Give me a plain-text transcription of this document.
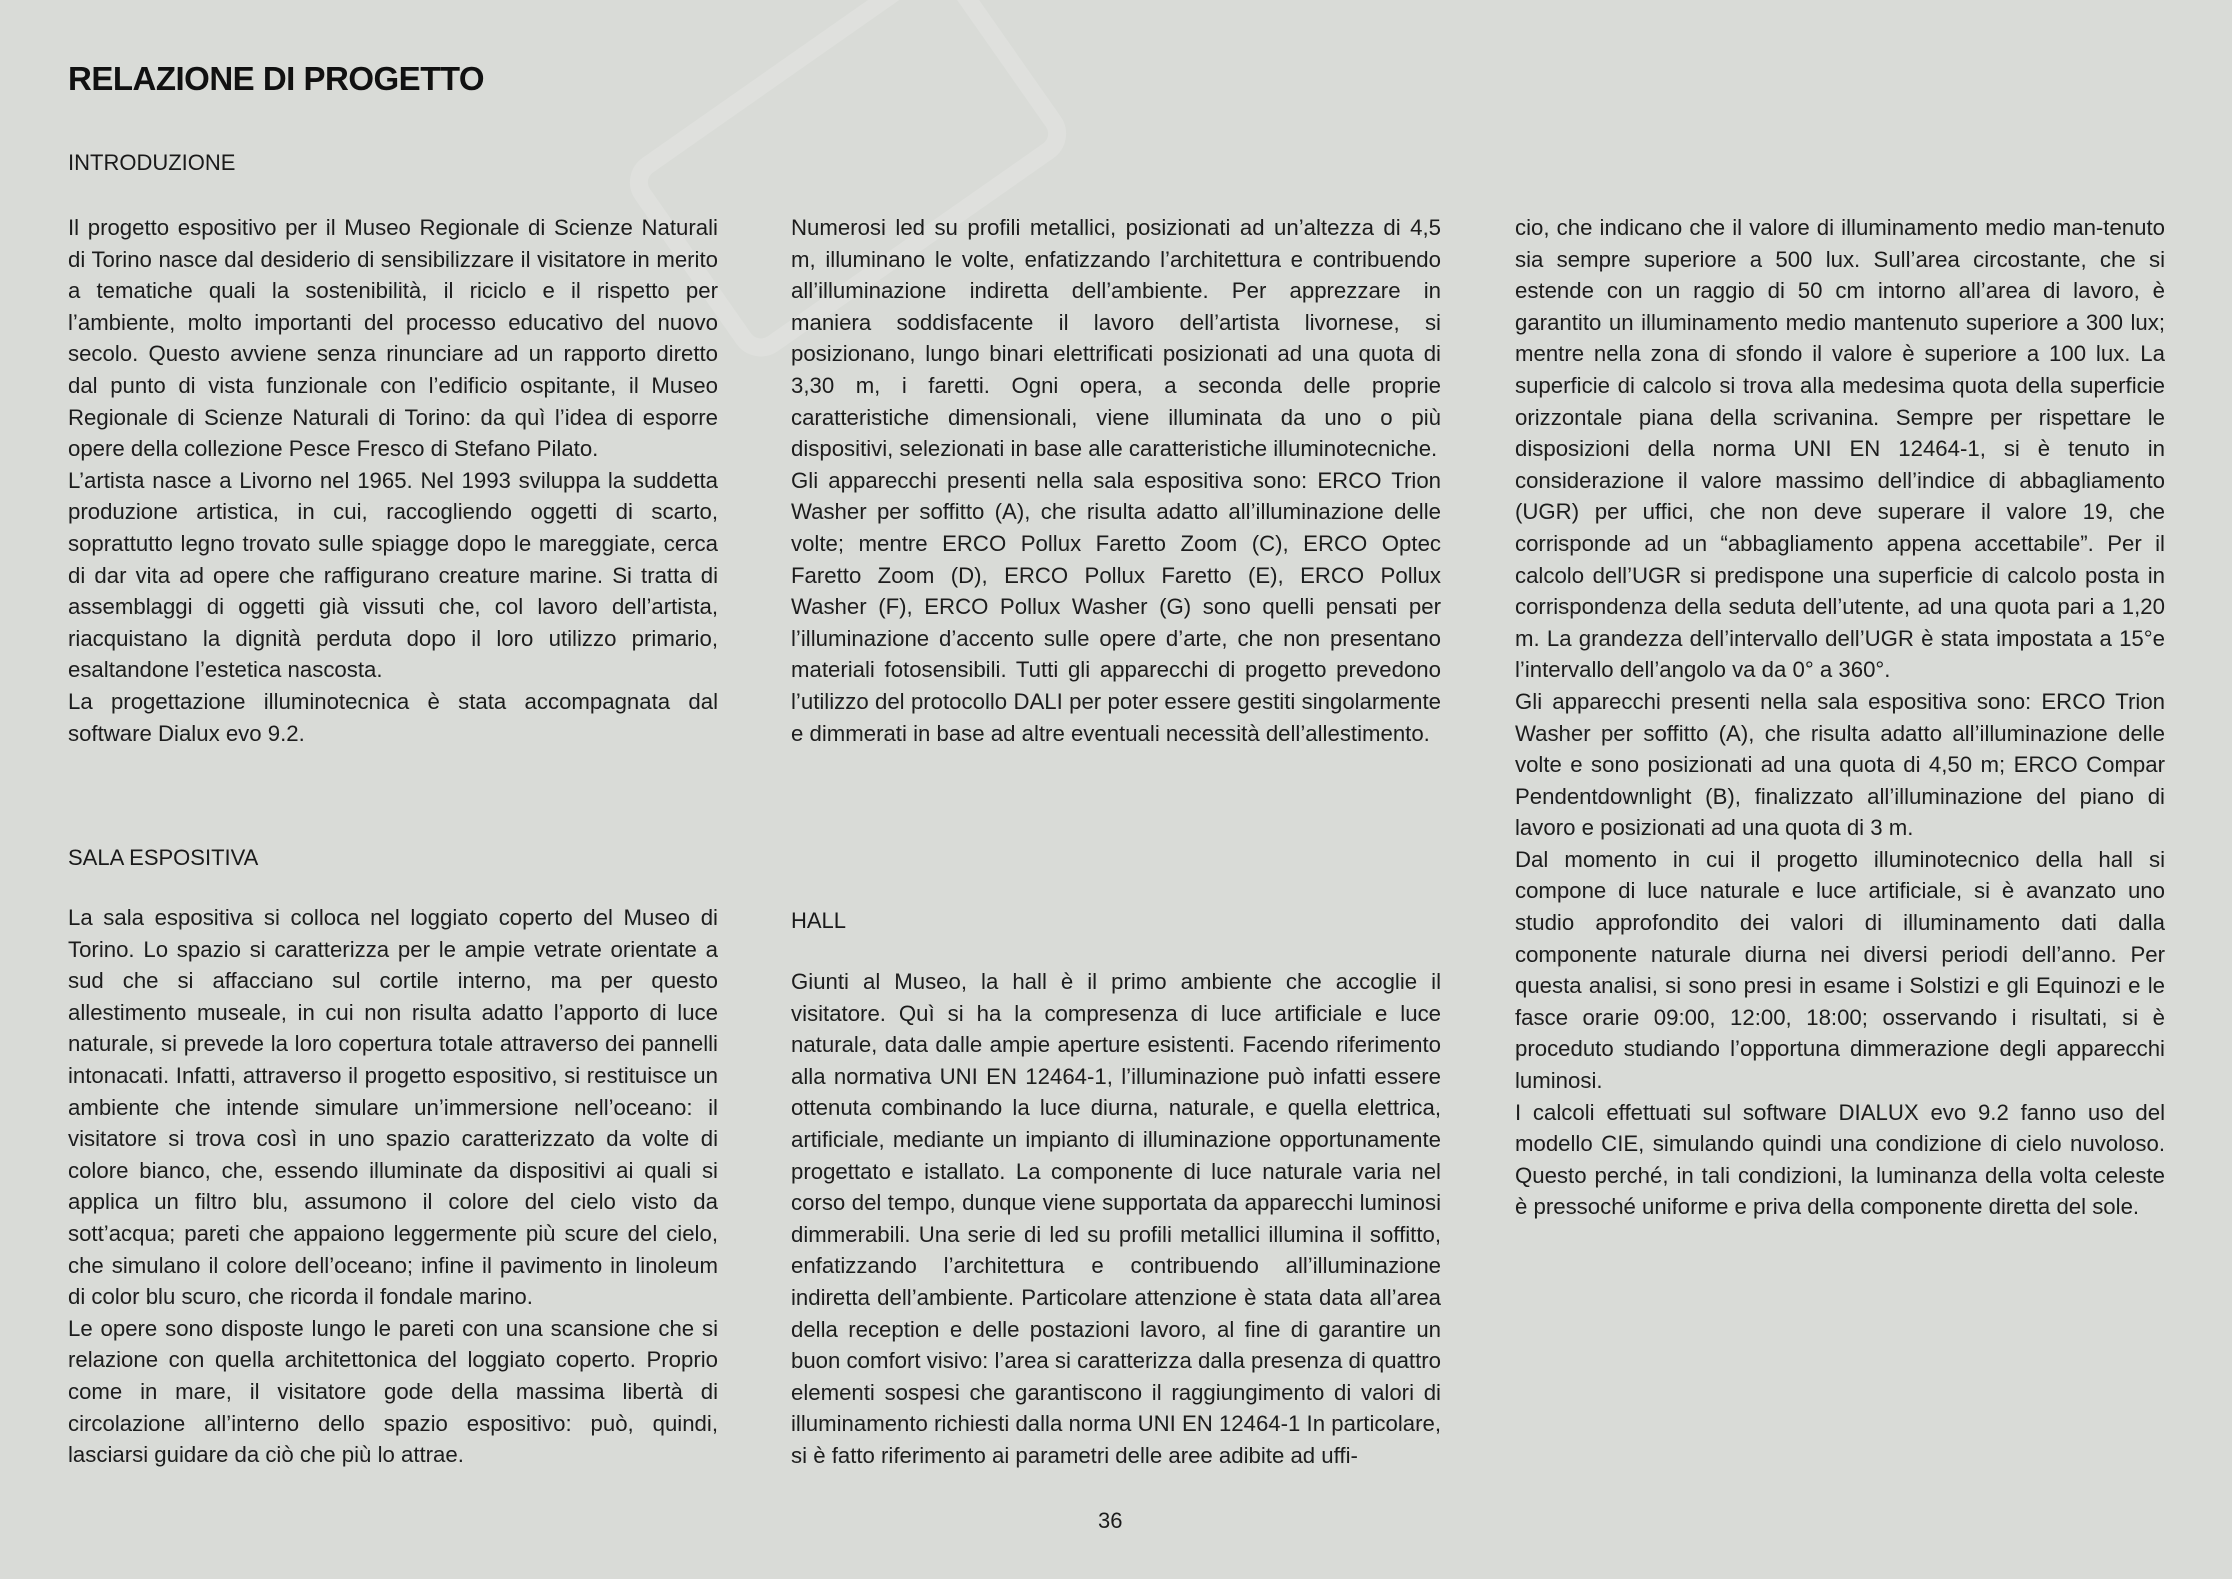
RELAZIONE DI PROGETTO
INTRODUZIONE

Il progetto espositivo per il Museo Regionale di Scienze Naturali di Torino nasce dal desiderio di sensibilizzare il visitatore in merito a tematiche quali la sostenibilità, il riciclo e il rispetto per l’ambiente, molto importanti del processo educativo del nuovo secolo. Questo avviene senza rinunciare ad un rapporto diretto dal punto di vista funzionale con l’edificio ospitante, il Museo Regionale di Scienze Naturali di Torino: da quì l’idea di esporre opere della collezione Pesce Fresco di Stefano Pilato.

L’artista nasce a Livorno nel 1965. Nel 1993 sviluppa la suddetta produzione artistica, in cui, raccogliendo oggetti di scarto, soprattutto legno trovato sulle spiagge dopo le mareggiate, cerca di dar vita ad opere che raffigurano creature marine. Si tratta di assemblaggi di oggetti già vissuti che, col lavoro dell’artista, riacquistano la dignità perduta dopo il loro utilizzo primario, esaltandone l’estetica nascosta.

La progettazione illuminotecnica è stata accompagnata dal software Dialux evo 9.2.

SALA ESPOSITIVA

La sala espositiva si colloca nel loggiato coperto del Museo di Torino. Lo spazio si caratterizza per le ampie vetrate orientate a sud che si affacciano sul cortile interno, ma per questo allestimento museale, in cui non risulta adatto l’apporto di luce naturale, si prevede la loro copertura totale attraverso dei pannelli intonacati. Infatti, attraverso il progetto espositivo, si restituisce un ambiente che intende simulare un’immersione nell’oceano: il visitatore si trova così in uno spazio caratterizzato da volte di colore bianco, che, essendo illuminate da dispositivi ai quali si applica un filtro blu, assumono il colore del cielo visto da sott’acqua; pareti che appaiono leggermente più scure del cielo, che simulano il colore dell’oceano; infine il pavimento in linoleum di color blu scuro, che ricorda il fondale marino.

Le opere sono disposte lungo le pareti con una scansione che si relazione con quella architettonica del loggiato coperto. Proprio come in mare, il visitatore gode della massima libertà di circolazione all’interno dello spazio espositivo: può, quindi, lasciarsi guidare da ciò che più lo attrae.

Numerosi led su profili metallici, posizionati ad un’altezza di 4,5 m, illuminano le volte, enfatizzando l’architettura e contribuendo all’illuminazione indiretta dell’ambiente. Per apprezzare in maniera soddisfacente il lavoro dell’artista livornese, si posizionano, lungo binari elettrificati posizionati ad una quota di 3,30 m, i faretti. Ogni opera, a seconda delle proprie caratteristiche dimensionali, viene illuminata da uno o più dispositivi, selezionati in base alle caratteristiche illuminotecniche.

Gli apparecchi presenti nella sala espositiva sono: ERCO Trion Washer per soffitto (A), che risulta adatto all’illuminazione delle volte; mentre ERCO Pollux Faretto Zoom (C), ERCO Optec Faretto Zoom (D), ERCO Pollux Faretto (E), ERCO Pollux Washer (F), ERCO Pollux Washer (G) sono quelli pensati per l’illuminazione d’accento sulle opere d’arte, che non presentano materiali fotosensibili. Tutti gli apparecchi di progetto prevedono l’utilizzo del protocollo DALI per poter essere gestiti singolarmente e dimmerati in base ad altre eventuali necessità dell’allestimento.

HALL

Giunti al Museo, la hall è il primo ambiente che accoglie il visitatore. Quì si ha la compresenza di luce artificiale e luce naturale, data dalle ampie aperture esistenti. Facendo riferimento alla normativa UNI EN 12464-1, l’illuminazione può infatti essere ottenuta combinando la luce diurna, naturale, e quella elettrica, artificiale, mediante un impianto di illuminazione opportunamente progettato e istallato. La componente di luce naturale varia nel corso del tempo, dunque viene supportata da apparecchi luminosi dimmerabili. Una serie di led su profili metallici illumina il soffitto, enfatizzando l’architettura e contribuendo all’illuminazione indiretta dell’ambiente. Particolare attenzione è stata data all’area della reception e delle postazioni lavoro, al fine di garantire un buon comfort visivo: l’area si caratterizza dalla presenza di quattro elementi sospesi che garantiscono il raggiungimento di valori di illuminamento richiesti dalla norma UNI EN 12464-1 In particolare, si è fatto riferimento ai parametri delle aree adibite ad uffi-

cio, che indicano che il valore di illuminamento medio man-tenuto sia sempre superiore a 500 lux. Sull’area circostante, che si estende con un raggio di 50 cm intorno all’area di lavoro, è garantito un illuminamento medio mantenuto superiore a 300 lux; mentre nella zona di sfondo il valore è superiore a 100 lux. La superficie di calcolo si trova alla medesima quota della superficie orizzontale piana della scrivanina. Sempre per rispettare le disposizioni della norma UNI EN 12464-1, si è tenuto in considerazione il valore massimo dell’indice di abbagliamento (UGR) per uffici, che non deve superare il valore 19, che corrisponde ad un “abbagliamento appena accettabile”. Per il calcolo dell’UGR si predispone una superficie di calcolo posta in corrispondenza della seduta dell’utente, ad una quota pari a 1,20 m. La grandezza dell’intervallo dell’UGR è stata impostata a 15°e l’intervallo dell’angolo va da 0° a 360°.

Gli apparecchi presenti nella sala espositiva sono: ERCO Trion Washer per soffitto (A), che risulta adatto all’illuminazione delle volte e sono posizionati ad una quota di 4,50 m; ERCO Compar Pendentdownlight (B), finalizzato all’illuminazione del piano di lavoro e posizionati ad una quota di 3 m.

Dal momento in cui il progetto illuminotecnico della hall si compone di luce naturale e luce artificiale, si è avanzato uno studio approfondito dei valori di illuminamento dati dalla componente naturale diurna nei diversi periodi dell’anno. Per questa analisi, si sono presi in esame i Solstizi e gli Equinozi e le fasce orarie 09:00, 12:00, 18:00; osservando i risultati, si è proceduto studiando l’opportuna dimmerazione degli apparecchi luminosi.

I calcoli effettuati sul software DIALUX evo 9.2 fanno uso del modello CIE, simulando quindi una condizione di cielo nuvoloso. Questo perché, in tali condizioni, la luminanza della volta celeste è pressoché uniforme e priva della componente diretta del sole.

36
